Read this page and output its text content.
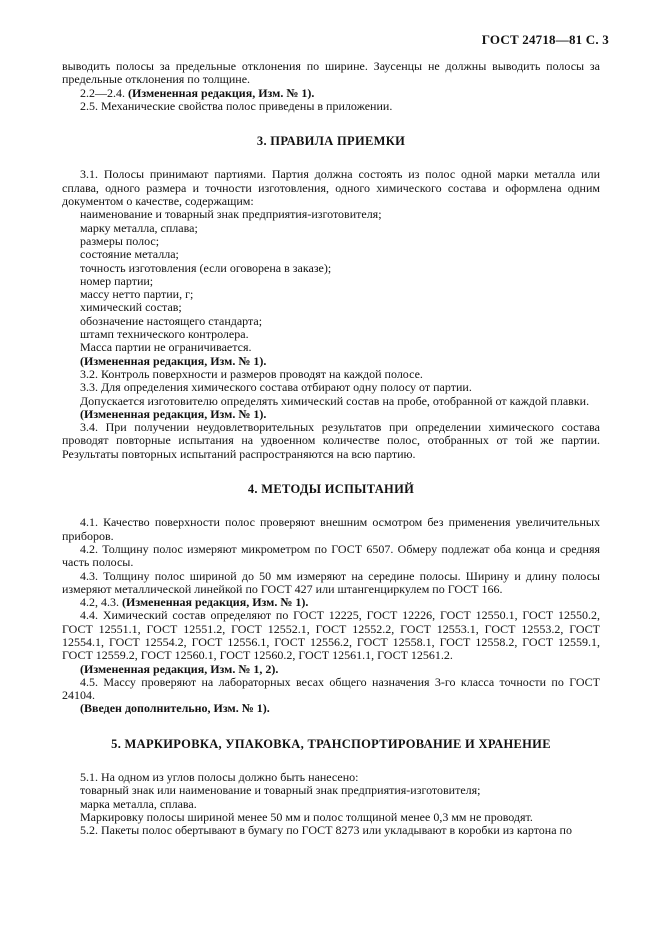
ГОСТ 24718—81 С. 3

выводить полосы за предельные отклонения по ширине. Заусенцы не должны выводить полосы за предельные отклонения по толщине.

2.2—2.4. (Измененная редакция, Изм. № 1).

2.5. Механические свойства полос приведены в приложении.

3. ПРАВИЛА ПРИЕМКИ

3.1. Полосы принимают партиями. Партия должна состоять из полос одной марки металла или сплава, одного размера и точности изготовления, одного химического состава и оформлена одним документом о качестве, содержащим:

наименование и товарный знак предприятия-изготовителя;

марку металла, сплава;

размеры полос;

состояние металла;

точность изготовления (если оговорена в заказе);

номер партии;

массу нетто партии, г;

химический состав;

обозначение настоящего стандарта;

штамп технического контролера.

Масса партии не ограничивается.

(Измененная редакция, Изм. № 1).

3.2. Контроль поверхности и размеров проводят на каждой полосе.

3.3. Для определения химического состава отбирают одну полосу от партии.

Допускается изготовителю определять химический состав на пробе, отобранной от каждой плавки.

(Измененная редакция, Изм. № 1).

3.4. При получении неудовлетворительных результатов при определении химического состава проводят повторные испытания на удвоенном количестве полос, отобранных от той же партии. Результаты повторных испытаний распространяются на всю партию.

4. МЕТОДЫ ИСПЫТАНИЙ

4.1. Качество поверхности полос проверяют внешним осмотром без применения увеличительных приборов.

4.2. Толщину полос измеряют микрометром по ГОСТ 6507. Обмеру подлежат оба конца и средняя часть полосы.

4.3. Толщину полос шириной до 50 мм измеряют на середине полосы. Ширину и длину полосы измеряют металлической линейкой по ГОСТ 427 или штангенциркулем по ГОСТ 166.

4.2, 4.3. (Измененная редакция, Изм. № 1).

4.4. Химический состав определяют по ГОСТ 12225, ГОСТ 12226, ГОСТ 12550.1, ГОСТ 12550.2, ГОСТ 12551.1, ГОСТ 12551.2, ГОСТ 12552.1, ГОСТ 12552.2, ГОСТ 12553.1, ГОСТ 12553.2, ГОСТ 12554.1, ГОСТ 12554.2, ГОСТ 12556.1, ГОСТ 12556.2, ГОСТ 12558.1, ГОСТ 12558.2, ГОСТ 12559.1, ГОСТ 12559.2, ГОСТ 12560.1, ГОСТ 12560.2, ГОСТ 12561.1, ГОСТ 12561.2.

(Измененная редакция, Изм. № 1, 2).

4.5. Массу проверяют на лабораторных весах общего назначения 3-го класса точности по ГОСТ 24104.

(Введен дополнительно, Изм. № 1).

5. МАРКИРОВКА, УПАКОВКА, ТРАНСПОРТИРОВАНИЕ И ХРАНЕНИЕ

5.1. На одном из углов полосы должно быть нанесено:

товарный знак или наименование и товарный знак предприятия-изготовителя;

марка металла, сплава.

Маркировку полосы шириной менее 50 мм и полос толщиной менее 0,3 мм не проводят.

5.2. Пакеты полос обертывают в бумагу по ГОСТ 8273 или укладывают в коробки из картона по
